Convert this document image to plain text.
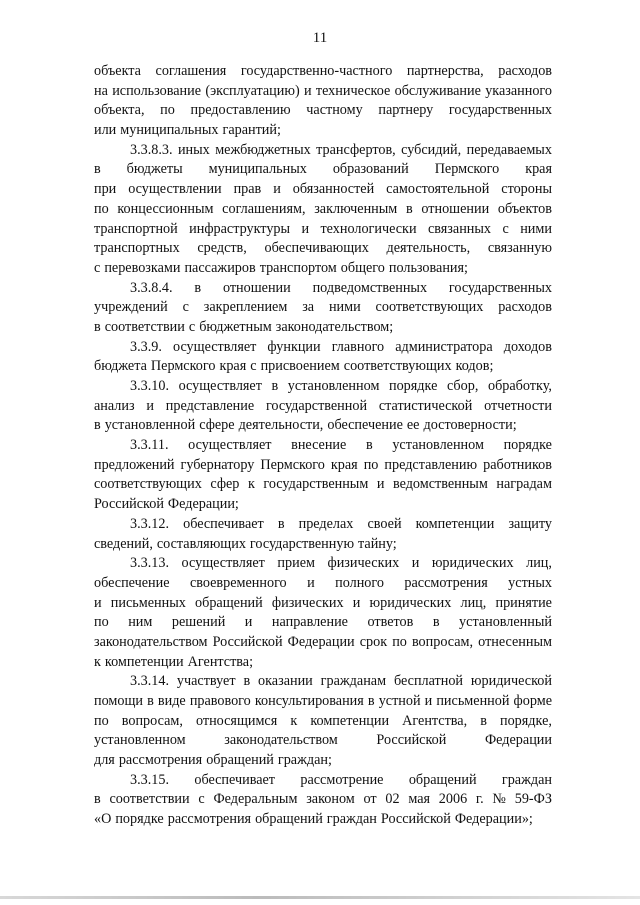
11
объекта соглашения государственно-частного партнерства, расходов
на использование (эксплуатацию) и техническое обслуживание указанного
объекта, по предоставлению частному партнеру государственных
или муниципальных гарантий;
3.3.8.3. иных межбюджетных трансфертов, субсидий, передаваемых
в бюджеты муниципальных образований Пермского края
при осуществлении прав и обязанностей самостоятельной стороны
по концессионным соглашениям, заключенным в отношении объектов
транспортной инфраструктуры и технологически связанных с ними
транспортных средств, обеспечивающих деятельность, связанную
с перевозками пассажиров транспортом общего пользования;
3.3.8.4. в отношении подведомственных государственных
учреждений с закреплением за ними соответствующих расходов
в соответствии с бюджетным законодательством;
3.3.9. осуществляет функции главного администратора доходов
бюджета Пермского края с присвоением соответствующих кодов;
3.3.10. осуществляет в установленном порядке сбор, обработку,
анализ и представление государственной статистической отчетности
в установленной сфере деятельности, обеспечение ее достоверности;
3.3.11. осуществляет внесение в установленном порядке
предложений губернатору Пермского края по представлению работников
соответствующих сфер к государственным и ведомственным наградам
Российской Федерации;
3.3.12. обеспечивает в пределах своей компетенции защиту
сведений, составляющих государственную тайну;
3.3.13. осуществляет прием физических и юридических лиц,
обеспечение своевременного и полного рассмотрения устных
и письменных обращений физических и юридических лиц, принятие
по ним решений и направление ответов в установленный
законодательством Российской Федерации срок по вопросам, отнесенным
к компетенции Агентства;
3.3.14. участвует в оказании гражданам бесплатной юридической
помощи в виде правового консультирования в устной и письменной форме
по вопросам, относящимся к компетенции Агентства, в порядке,
установленном	законодательством	Российской	Федерации
для рассмотрения обращений граждан;
3.3.15. обеспечивает рассмотрение обращений граждан
в соответствии с Федеральным законом от 02 мая 2006 г. № 59-ФЗ
«О порядке рассмотрения обращений граждан Российской Федерации»;
